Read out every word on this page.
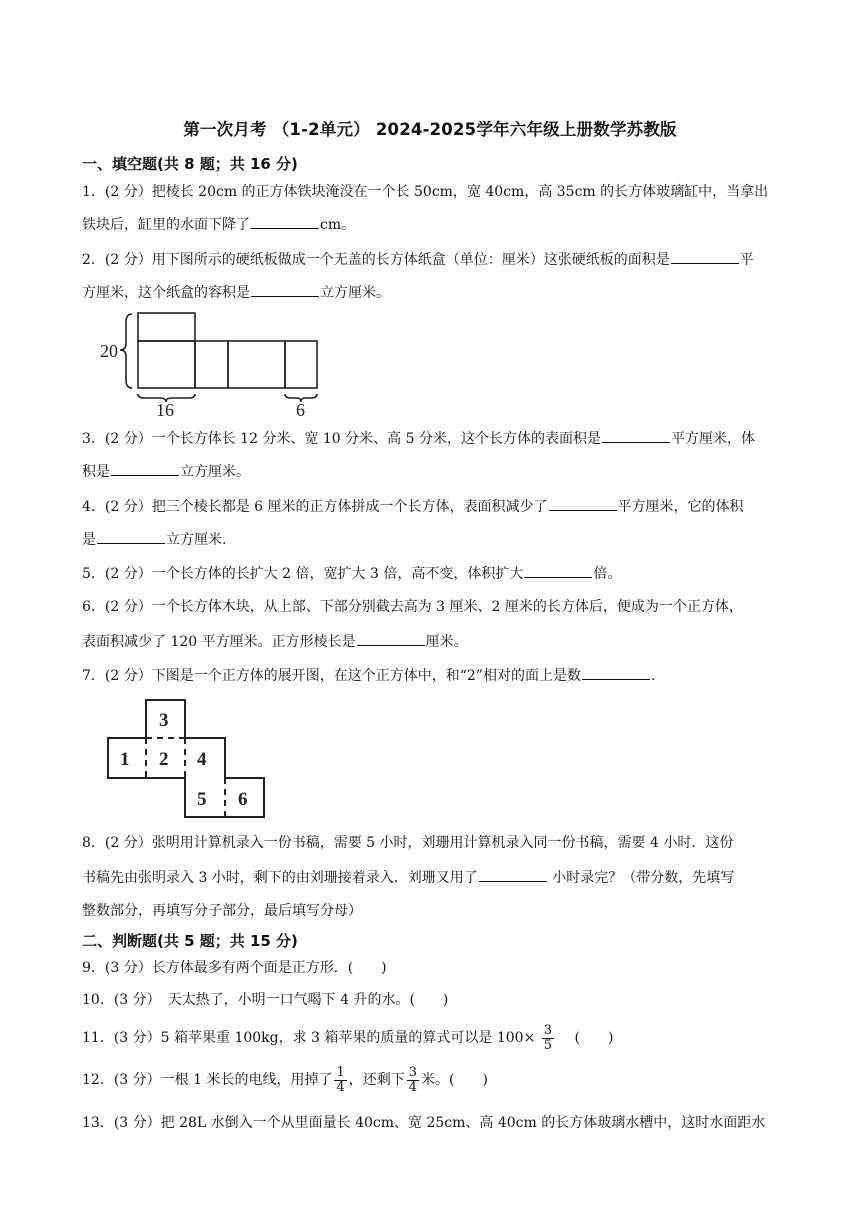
第一次月考 （1-2单元） 2024-2025学年六年级上册数学苏教版
一、填空题(共 8 题；共 16 分)
1．(2 分）把棱长 20cm 的正方体铁块淹没在一个长 50cm，宽 40cm，高 35cm 的长方体玻璃缸中，当拿出
铁块后，缸里的水面下降了	cm。
2．(2 分）用下图所示的硬纸板做成一个无盖的长方体纸盒（单位：厘米）这张硬纸板的面积是	平
方厘米，这个纸盒的容积是	立方厘米。
20
16	6
3．(2 分）一个长方体长 12 分米、宽 10 分米、高 5 分米，这个长方体的表面积是	平方厘米，体
积是	立方厘米。
4．(2 分）把三个棱长都是 6 厘米的正方体拼成一个长方体，表面积减少了	平方厘米，它的体积
是	立方厘米.
5．(2 分）一个长方体的长扩大 2 倍，宽扩大 3 倍，高不变，体积扩大	倍。
6．(2 分）一个长方体木块，从上部、下部分别截去高为 3 厘米、2 厘米的长方体后，便成为一个正方体，
表面积减少了 120 平方厘米。正方形棱长是	厘米。
7．(2 分）下图是一个正方体的展开图，在这个正方体中，和“2”相对的面上是数	.
3
1 2 4
5 6
8．(2 分）张明用计算机录入一份书稿，需要 5 小时，刘珊用计算机录入同一份书稿，需要 4 小时．这份
书稿先由张明录入 3 小时，剩下的由刘珊接着录入．刘珊又用了	小时录完？（带分数，先填写
整数部分，再填写分子部分，最后填写分母）
二、判断题(共 5 题；共 15 分)
9．(3 分）长方体最多有两个面是正方形．(　　)
10．(3 分）　天太热了，小明一口气喝下 4 升的水。(　　)
11．(3 分）5 箱苹果重 100kg，求 3 箱苹果的质量的算式可以是 $100\times \frac{3}{5}$ 　(　　)
12．(3 分）一根 1 米长的电线，用掉了 $\frac{1}{4}$ ，还剩下 $\frac{3}{4}$ 米。(　　)
13．(3 分）把 28L 水倒入一个从里面量长 40cm、宽 25cm、高 40cm 的长方体玻璃水槽中，这时水面距水
